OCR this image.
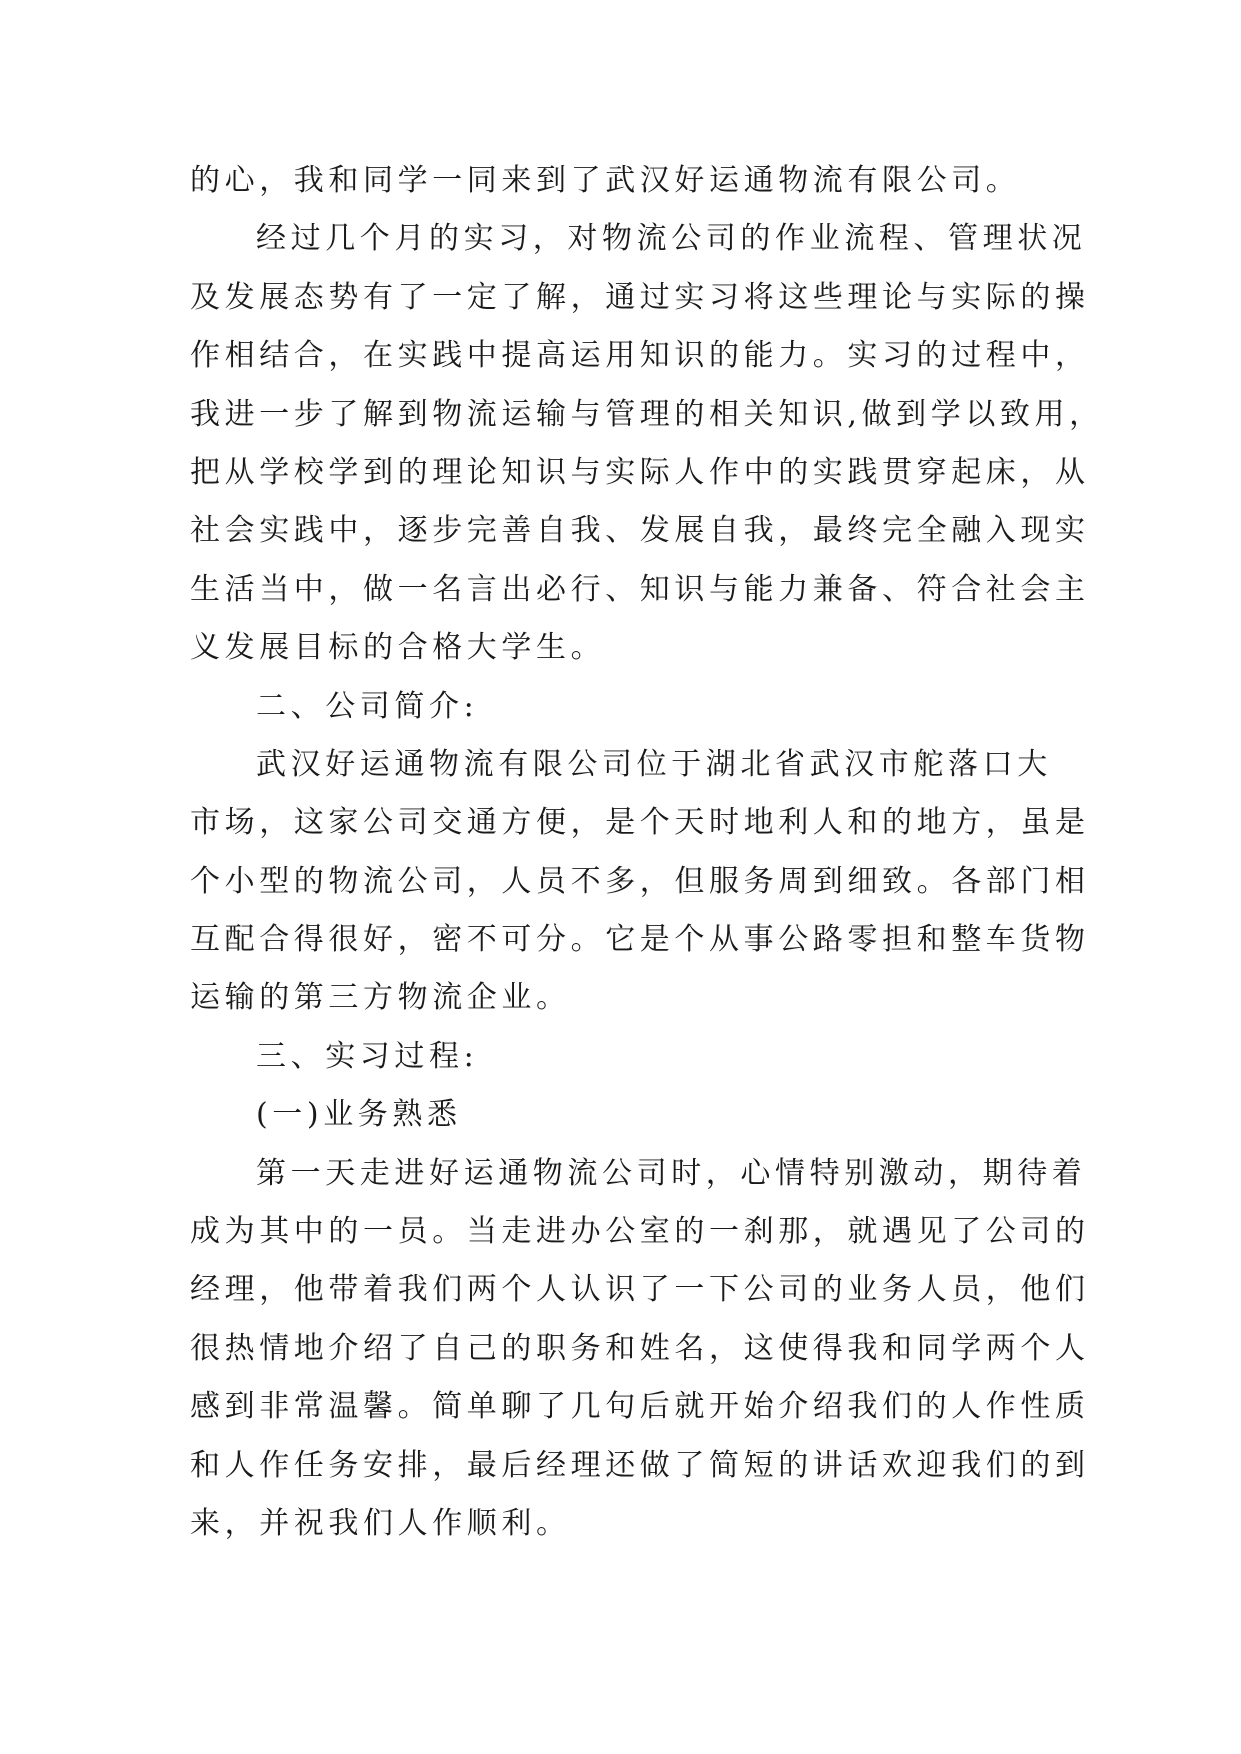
的心，我和同学一同来到了武汉好运通物流有限公司。
经过几个月的实习，对物流公司的作业流程、管理状况
及发展态势有了一定了解，通过实习将这些理论与实际的操
作相结合，在实践中提高运用知识的能力。实习的过程中，
我进一步了解到物流运输与管理的相关知识,做到学以致用，
把从学校学到的理论知识与实际人作中的实践贯穿起床，从
社会实践中，逐步完善自我、发展自我，最终完全融入现实
生活当中，做一名言出必行、知识与能力兼备、符合社会主
义发展目标的合格大学生。
二、公司简介:
武汉好运通物流有限公司位于湖北省武汉市舵落口大
市场，这家公司交通方便，是个天时地利人和的地方，虽是
个小型的物流公司，人员不多，但服务周到细致。各部门相
互配合得很好，密不可分。它是个从事公路零担和整车货物
运输的第三方物流企业。
三、实习过程:
(一)业务熟悉
第一天走进好运通物流公司时，心情特别激动，期待着
成为其中的一员。当走进办公室的一刹那，就遇见了公司的
经理，他带着我们两个人认识了一下公司的业务人员，他们
很热情地介绍了自己的职务和姓名，这使得我和同学两个人
感到非常温馨。简单聊了几句后就开始介绍我们的人作性质
和人作任务安排，最后经理还做了简短的讲话欢迎我们的到
来，并祝我们人作顺利。
